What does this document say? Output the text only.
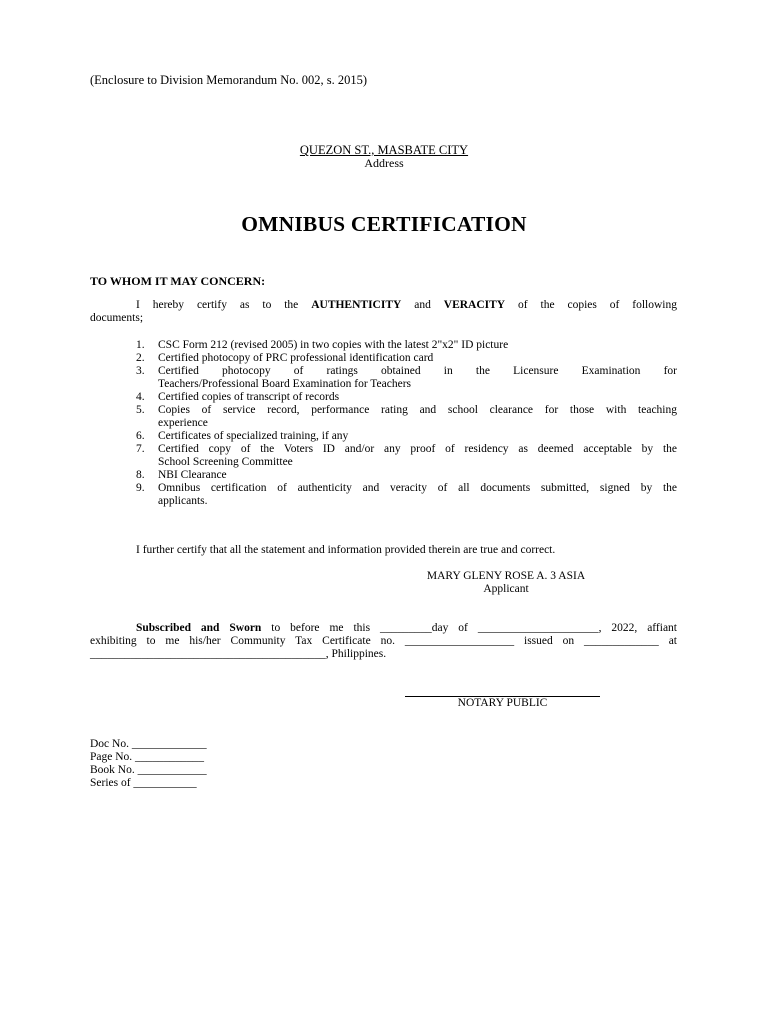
(Enclosure to Division Memorandum No. 002, s. 2015)
QUEZON ST., MASBATE CITY
Address
OMNIBUS CERTIFICATION
TO WHOM IT MAY CONCERN:
I hereby certify as to the AUTHENTICITY and VERACITY of the copies of following
documents;
1. CSC Form 212 (revised 2005) in two copies with the latest 2"x2" ID picture
2. Certified photocopy of PRC professional identification card
3. Certified photocopy of ratings obtained in the Licensure Examination for
Teachers/Professional Board Examination for Teachers
4. Certified copies of transcript of records
5. Copies of service record, performance rating and school clearance for those with teaching
experience
6. Certificates of specialized training, if any
7. Certified copy of the Voters ID and/or any proof of residency as deemed acceptable by the
School Screening Committee
8. NBI Clearance
9. Omnibus certification of authenticity and veracity of all documents submitted, signed by the
applicants.
I further certify that all the statement and information provided therein are true and correct.
MARY GLENY ROSE A. 3 ASIA
Applicant
Subscribed and Sworn to before me this _________day of _____________________, 2022, affiant
exhibiting to me his/her Community Tax Certificate no. ___________________ issued on _____________ at
_________________________________________, Philippines.
NOTARY PUBLIC
Doc No. _____________
Page No. ____________
Book No. ____________
Series of ___________
